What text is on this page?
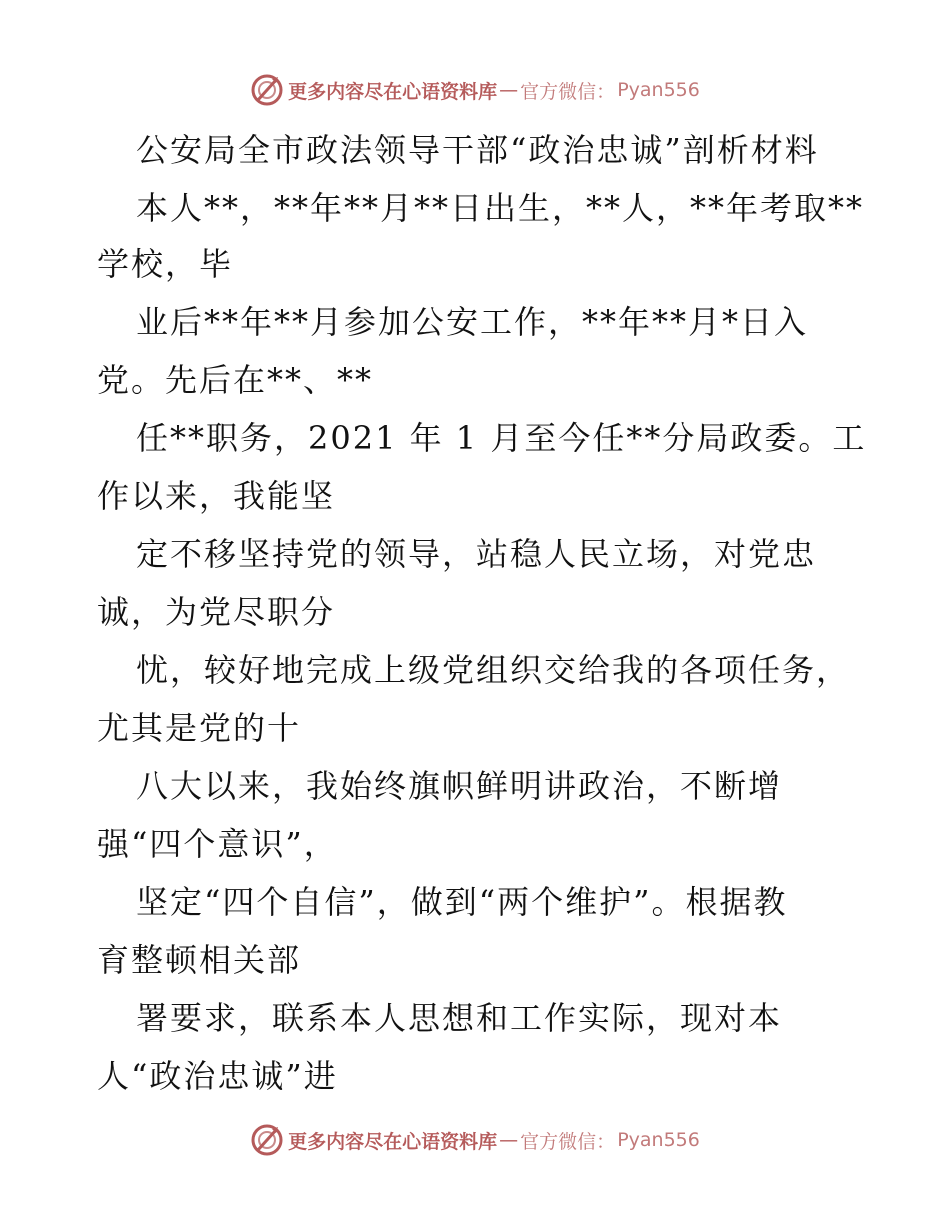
更多内容尽在心语资料库 — 官方微信： Pyan556
公安局全市政法领导干部“政治忠诚”剖析材料
本人**，**年**月**日出生，**人，**年考取**
学校，毕
业后**年**月参加公安工作，**年**月*日入
党。先后在**、**
任**职务，2021 年 1 月至今任**分局政委。工
作以来，我能坚
定不移坚持党的领导，站稳人民立场，对党忠
诚，为党尽职分
忧，较好地完成上级党组织交给我的各项任务，
尤其是党的十
八大以来，我始终旗帜鲜明讲政治，不断增
强“四个意识”，
坚定“四个自信”，做到“两个维护”。根据教
育整顿相关部
署要求，联系本人思想和工作实际，现对本
人“政治忠诚”进
更多内容尽在心语资料库 — 官方微信： Pyan556
